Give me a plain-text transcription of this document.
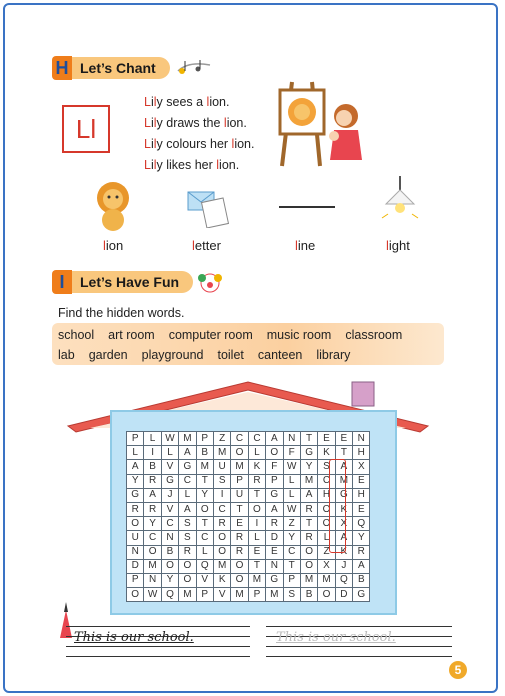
H Let’s Chant
Ll
Lily sees a lion.
Lily draws the lion.
Lily colours her lion.
Lily likes her lion.
lion	letter	line	light
I	Let’s Have Fun
Find the hidden words.
school art room computer room music room classroom
lab garden playground toilet canteen library
P	L	W	M	P	Z	C	C	A	N	T	E	E	N
L	I	L	A	B	M	O	L	O	F	G	K	T	H
A	B	V	G	M	U	M	K	F	W	Y	S	A	X
Y	R	G	C	T	S	P	R	P	L	M	C	M	E
G	A	J	L	Y	I	U	T	G	L	A	H	G	H
R	R	V	A	O	C	T	O	A	W	R	O	K	E
O	Y	C	S	T	R	E	I	R	Z	T	O	X	Q
U	C	N	S	C	O	R	L	D	Y	R	L	A	Y
N	O	B	R	L	O	R	E	E	C	O	Z	K	R
D	M	O	O	Q	M	O	T	N	T	O	X	J	A
P	N	Y	O	V	K	O	M	G	P	M	M	Q	B
O	W	Q	M	P	V	M	P	M	S	B	O	D	G
This is our school.	This is our school.
5
